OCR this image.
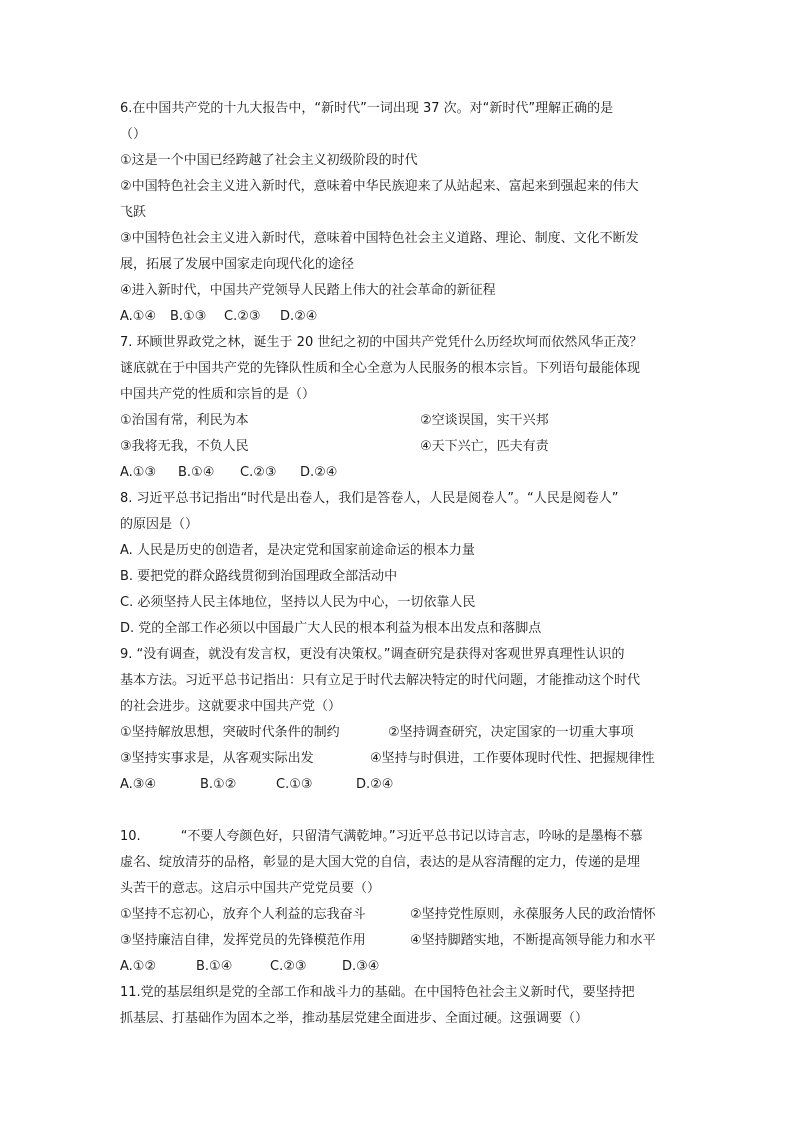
6.在中国共产党的十九大报告中，“新时代”一词出现 37 次。对“新时代”理解正确的是
（）
①这是一个中国已经跨越了社会主义初级阶段的时代
②中国特色社会主义进入新时代，意味着中华民族迎来了从站起来、富起来到强起来的伟大
飞跃
③中国特色社会主义进入新时代，意味着中国特色社会主义道路、理论、制度、文化不断发
展，拓展了发展中国家走向现代化的途径
④进入新时代，中国共产党领导人民踏上伟大的社会革命的新征程
A.①④ B.①③ C.②③ D.②④
7. 环顾世界政党之林，诞生于 20 世纪之初的中国共产党凭什么历经坎坷而依然风华正茂？
谜底就在于中国共产党的先锋队性质和全心全意为人民服务的根本宗旨。下列语句最能体现
中国共产党的性质和宗旨的是（）
①治国有常，利民为本	②空谈误国，实干兴邦
③我将无我，不负人民	④天下兴亡，匹夫有责
A.①③ B.①④ C.②③ D.②④
8. 习近平总书记指出“时代是出卷人，我们是答卷人，人民是阅卷人”。“人民是阅卷人”
的原因是（）
A. 人民是历史的创造者，是决定党和国家前途命运的根本力量
B. 要把党的群众路线贯彻到治国理政全部活动中
C. 必须坚持人民主体地位，坚持以人民为中心，一切依靠人民
D. 党的全部工作必须以中国最广大人民的根本利益为根本出发点和落脚点
9. “没有调查，就没有发言权，更没有决策权。”调查研究是获得对客观世界真理性认识的
基本方法。习近平总书记指出：只有立足于时代去解决特定的时代问题，才能推动这个时代
的社会进步。这就要求中国共产党（）
①坚持解放思想，突破时代条件的制约	②坚持调查研究，决定国家的一切重大事项
③坚持实事求是，从客观实际出发	④坚持与时俱进，工作要体现时代性、把握规律性
A.③④	B.①②	C.①③	D.②④
10.	“不要人夸颜色好，只留清气满乾坤。”习近平总书记以诗言志，吟咏的是墨梅不慕
虚名、绽放清芬的品格，彰显的是大国大党的自信，表达的是从容清醒的定力，传递的是埋
头苦干的意志。这启示中国共产党党员要（）
①坚持不忘初心，放弃个人利益的忘我奋斗	②坚持党性原则，永葆服务人民的政治情怀
③坚持廉洁自律，发挥党员的先锋模范作用	④坚持脚踏实地，不断提高领导能力和水平
A.①②	B.①④	C.②③	D.③④
11.党的基层组织是党的全部工作和战斗力的基础。在中国特色社会主义新时代，要坚持把
抓基层、打基础作为固本之举，推动基层党建全面进步、全面过硬。这强调要（）
